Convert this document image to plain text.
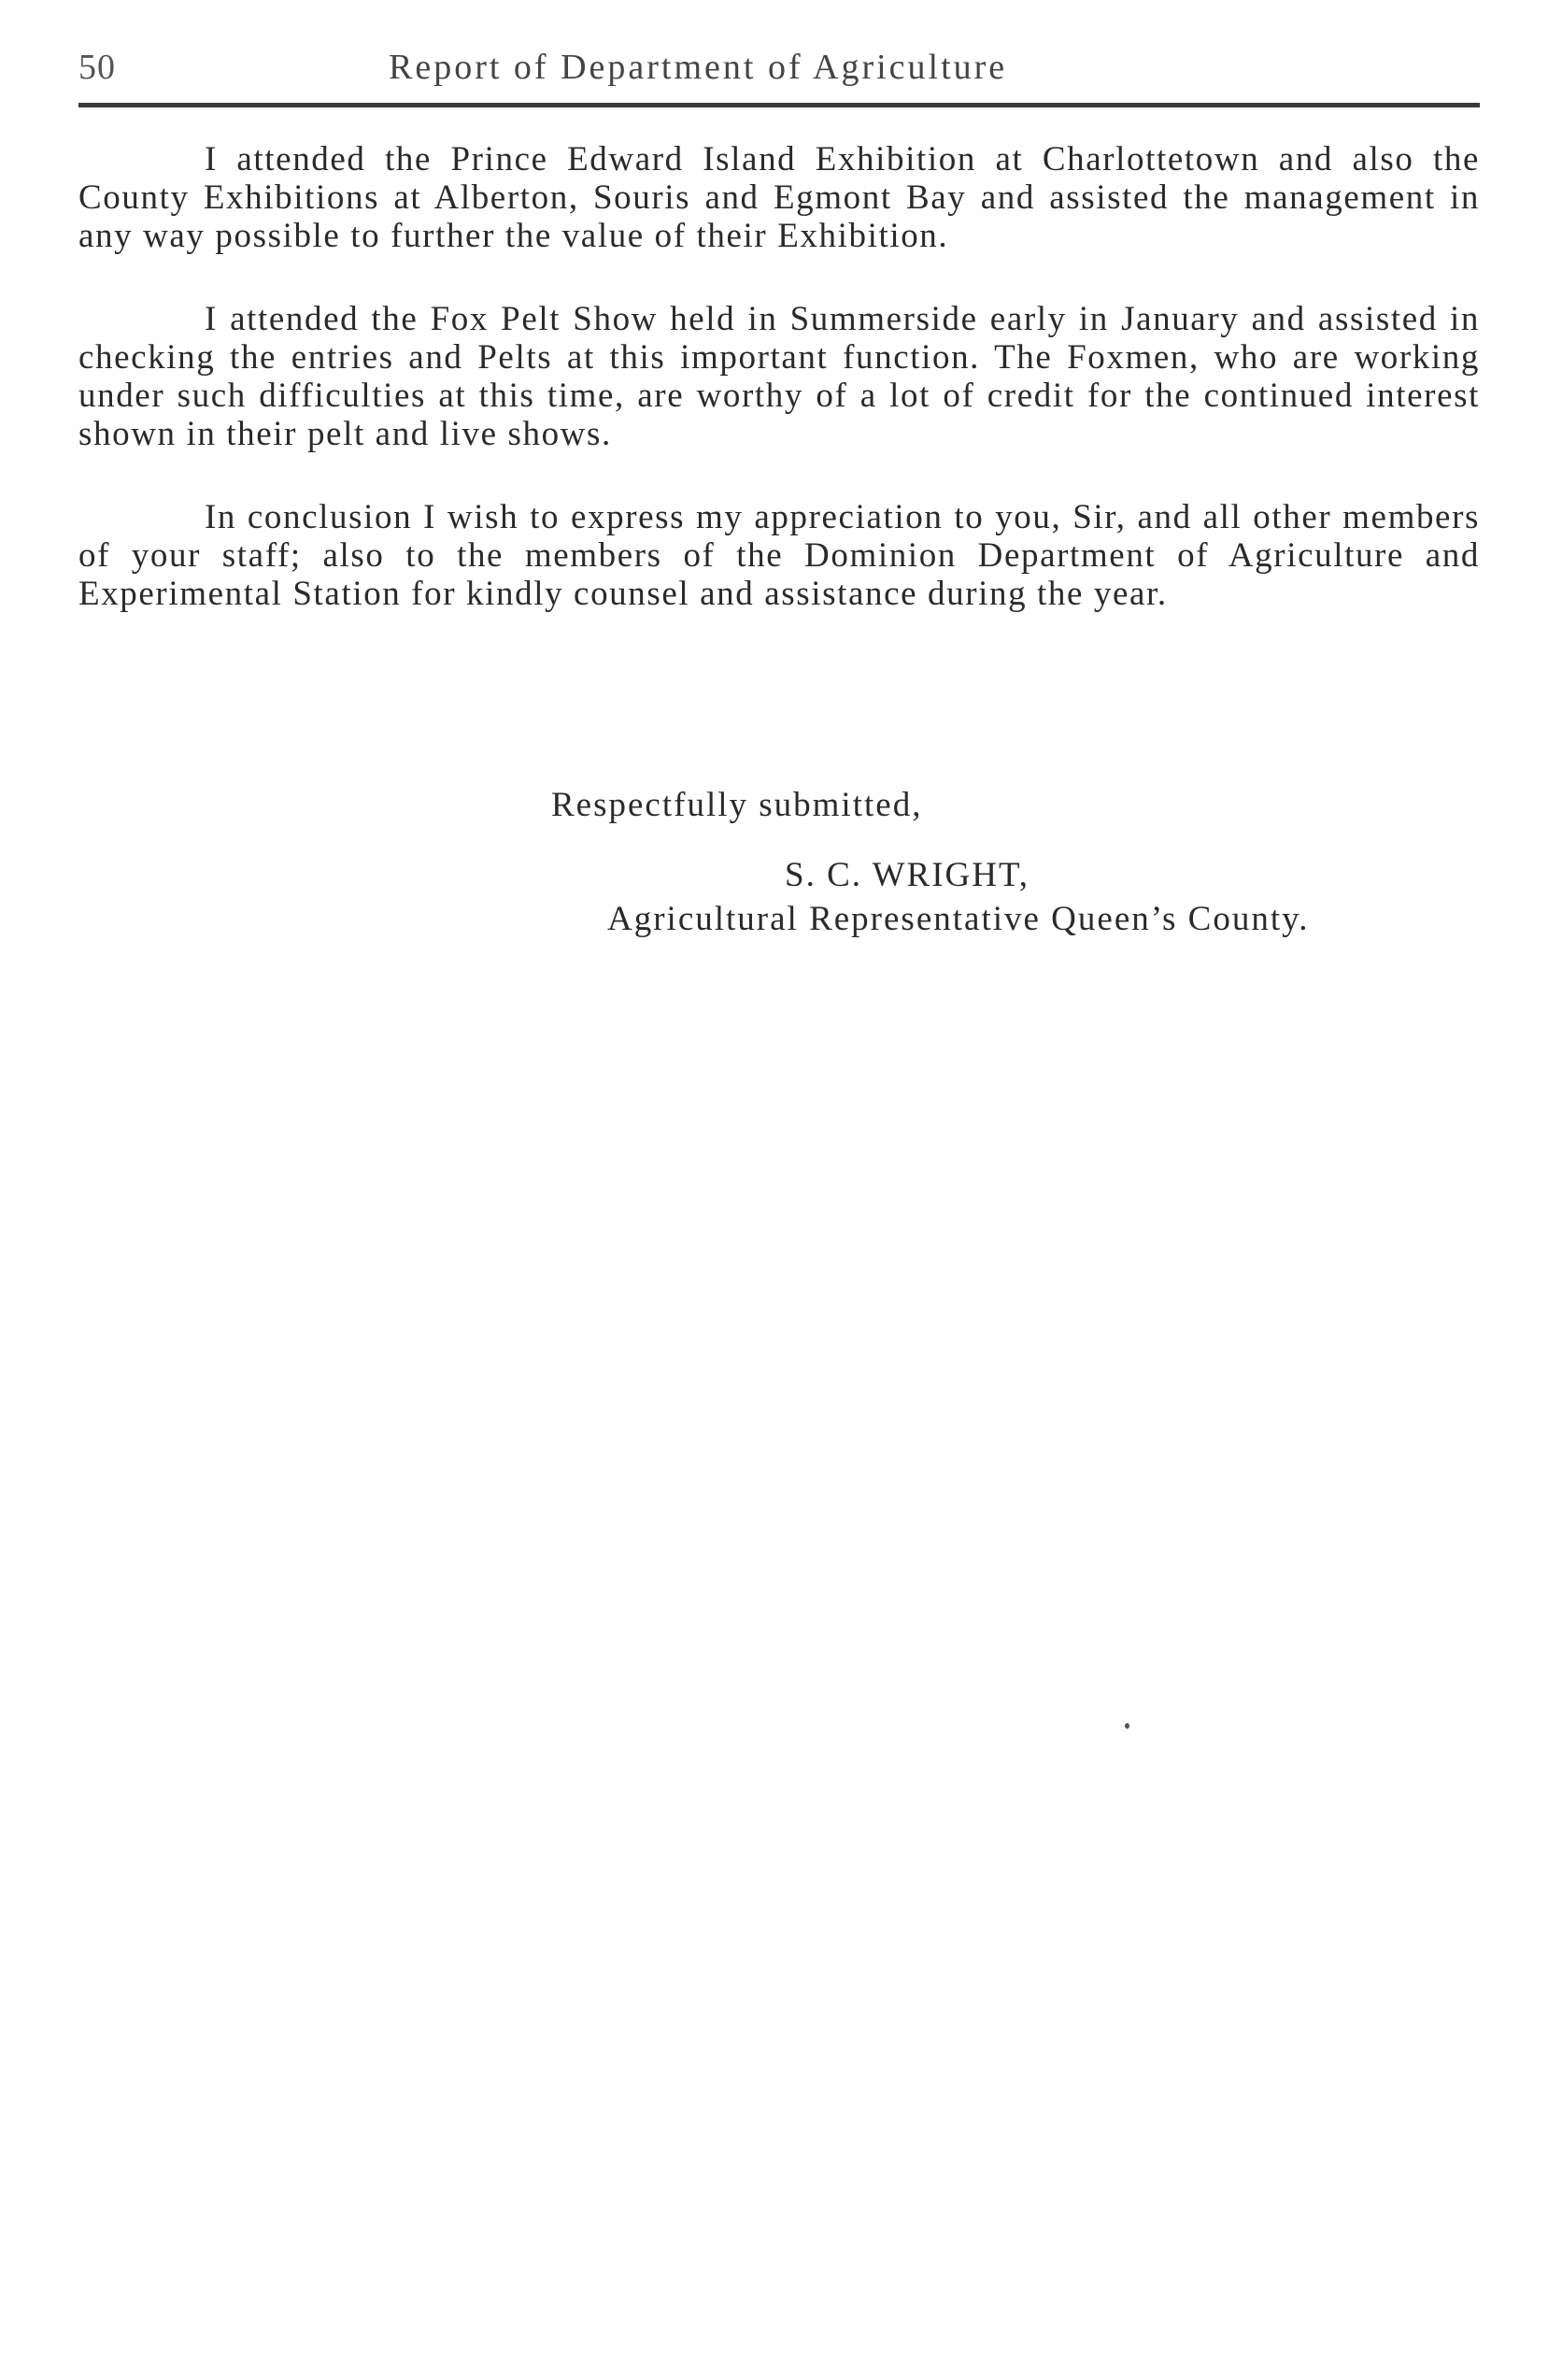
50	Report of Department of Agriculture

I attended the Prince Edward Island Exhibition at Charlottetown and also the County Exhibitions at Alberton, Souris and Egmont Bay and assisted the management in any way possible to further the value of their Exhibition.

I attended the Fox Pelt Show held in Summerside early in January and assisted in checking the entries and Pelts at this important function. The Foxmen, who are working under such difficulties at this time, are worthy of a lot of credit for the continued interest shown in their pelt and live shows.

In conclusion I wish to express my appreciation to you, Sir, and all other members of your staff; also to the members of the Dominion Department of Agriculture and Experimental Station for kindly counsel and assistance during the year.

Respectfully submitted,
S. C. WRIGHT,
Agricultural Representative Queen’s County.
